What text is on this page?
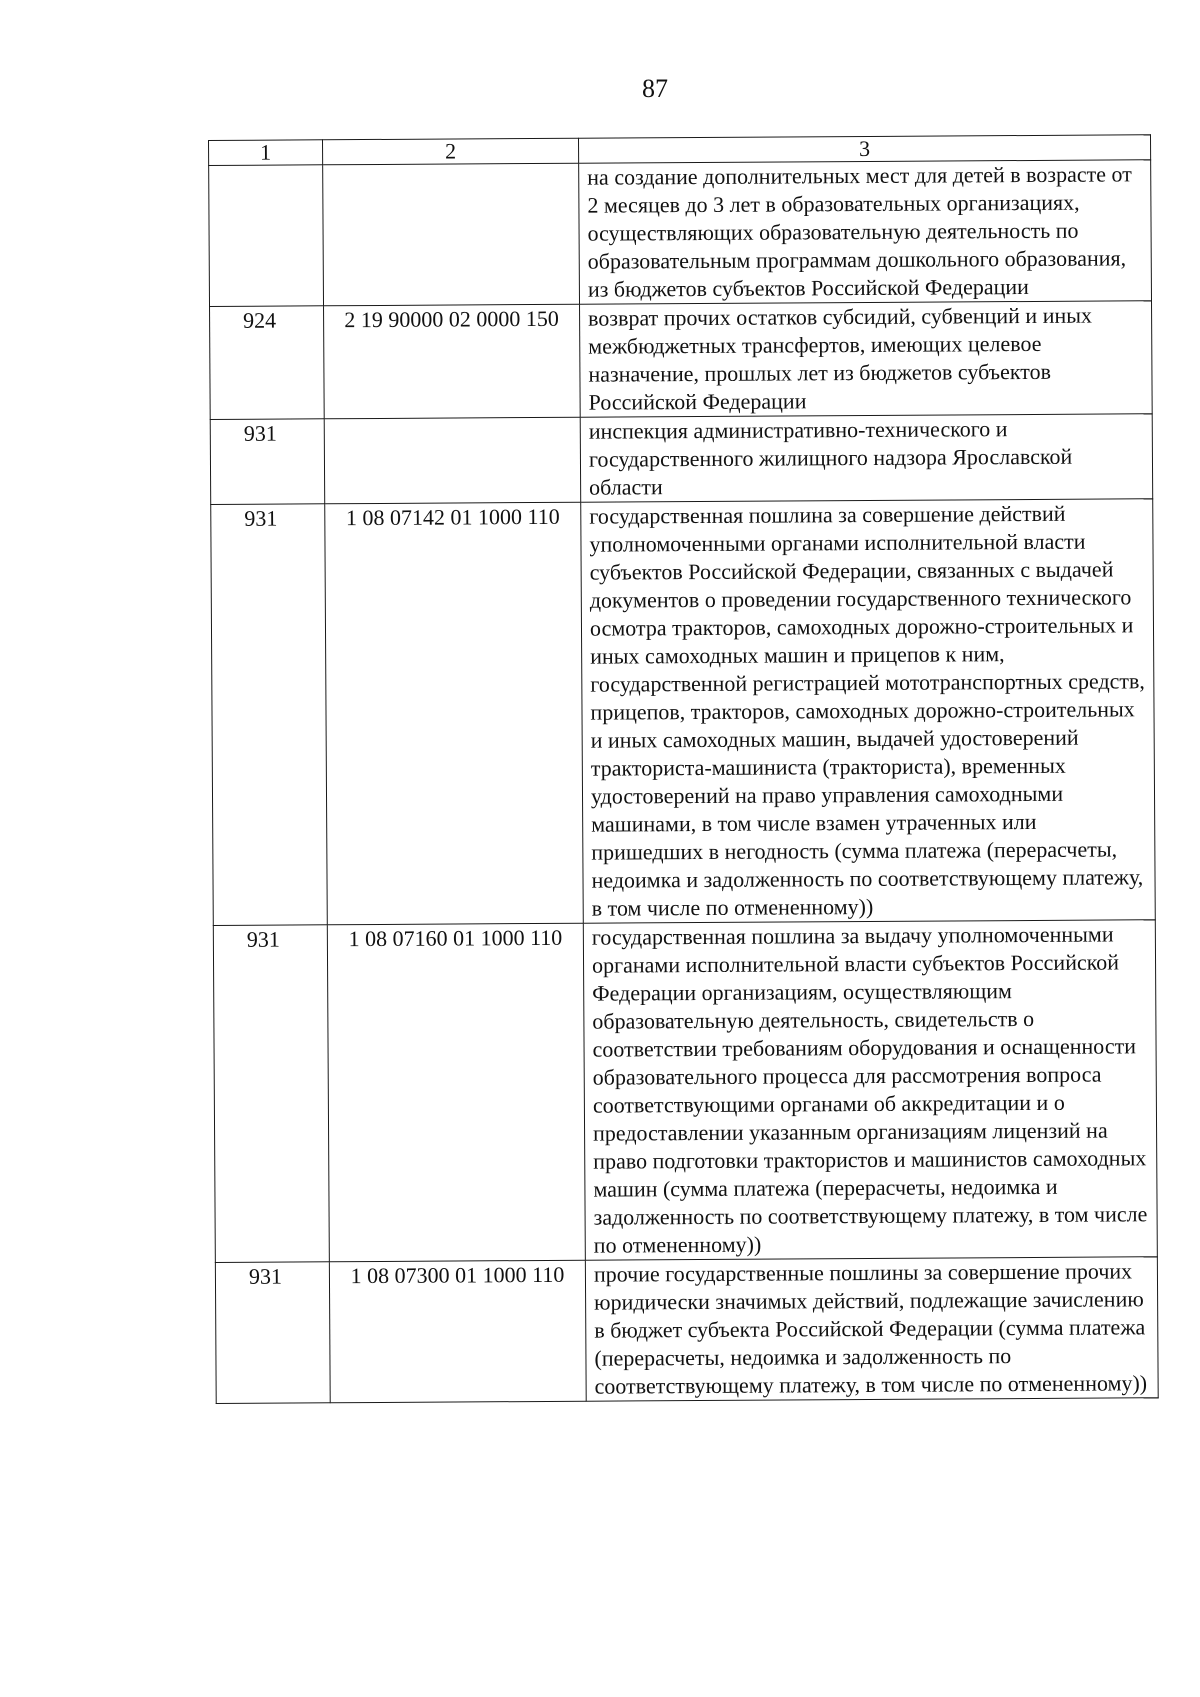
87
1	2	3
		на создание дополнительных мест для детей в возрасте от 2 месяцев до 3 лет в образовательных организациях, осуществляющих образовательную деятельность по образовательным программам дошкольного образования, из бюджетов субъектов Российской Федерации
924	2 19 90000 02 0000 150	возврат прочих остатков субсидий, субвенций и иных межбюджетных трансфертов, имеющих целевое назначение, прошлых лет из бюджетов субъектов Российской Федерации
931		инспекция административно-технического и государственного жилищного надзора Ярославской области
931	1 08 07142 01 1000 110	государственная пошлина за совершение действий уполномоченными органами исполнительной власти субъектов Российской Федерации, связанных с выдачей документов о проведении государственного технического осмотра тракторов, самоходных дорожно-строительных и иных самоходных машин и прицепов к ним, государственной регистрацией мототранспортных средств, прицепов, тракторов, самоходных дорожно-строительных и иных самоходных машин, выдачей удостоверений тракториста-машиниста (тракториста), временных удостоверений на право управления самоходными машинами, в том числе взамен утраченных или пришедших в негодность (сумма платежа (перерасчеты, недоимка и задолженность по соответствующему платежу, в том числе по отмененному))
931	1 08 07160 01 1000 110	государственная пошлина за выдачу уполномоченными органами исполнительной власти субъектов Российской Федерации организациям, осуществляющим образовательную деятельность, свидетельств о соответствии требованиям оборудования и оснащенности образовательного процесса для рассмотрения вопроса соответствующими органами об аккредитации и о предоставлении указанным организациям лицензий на право подготовки трактористов и машинистов самоходных машин (сумма платежа (перерасчеты, недоимка и задолженность по соответствующему платежу, в том числе по отмененному))
931	1 08 07300 01 1000 110	прочие государственные пошлины за совершение прочих юридически значимых действий, подлежащие зачислению в бюджет субъекта Российской Федерации (сумма платежа (перерасчеты, недоимка и задолженность по соответствующему платежу, в том числе по отмененному))
